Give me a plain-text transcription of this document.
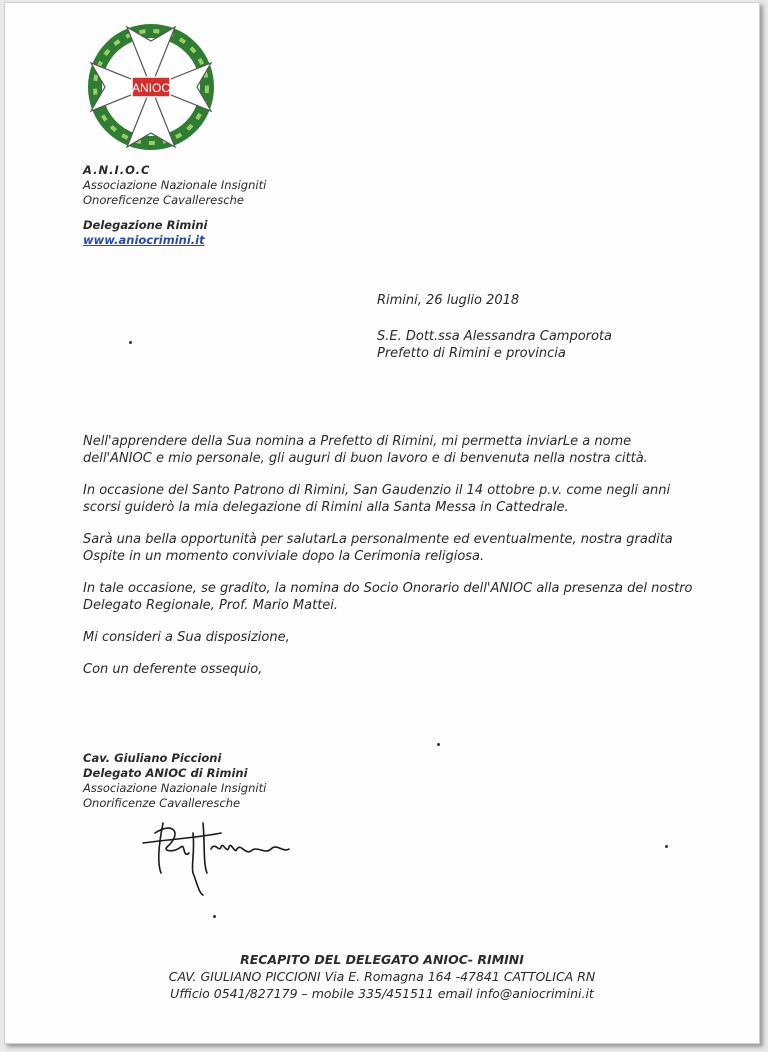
ANIOC
A.N.I.O.C
Associazione Nazionale Insigniti
Onoreficenze Cavalleresche
Delegazione Rimini
www.aniocrimini.it
Rimini, 26 luglio 2018
S.E. Dott.ssa Alessandra Camporota
Prefetto di Rimini e provincia

Nell'apprendere della Sua nomina a Prefetto di Rimini, mi permetta inviarLe a nome dell'ANIOC e mio personale, gli auguri di buon lavoro e di benvenuta nella nostra città.

In occasione del Santo Patrono di Rimini, San Gaudenzio il 14 ottobre p.v. come negli anni scorsi guiderò la mia delegazione di Rimini alla Santa Messa in Cattedrale.

Sarà una bella opportunità per salutarLa personalmente ed eventualmente, nostra gradita Ospite in un momento conviviale dopo la Cerimonia religiosa.

In tale occasione, se gradito, la nomina do Socio Onorario dell'ANIOC alla presenza del nostro Delegato Regionale, Prof. Mario Mattei.

Mi consideri a Sua disposizione,

Con un deferente ossequio,

Cav. Giuliano Piccioni
Delegato ANIOC di Rimini
Associazione Nazionale Insigniti
Onorificenze Cavalleresche
RECAPITO DEL DELEGATO ANIOC- RIMINI
CAV. GIULIANO PICCIONI Via E. Romagna 164 -47841 CATTOLICA RN
Ufficio 0541/827179 – mobile 335/451511 email info@aniocrimini.it
